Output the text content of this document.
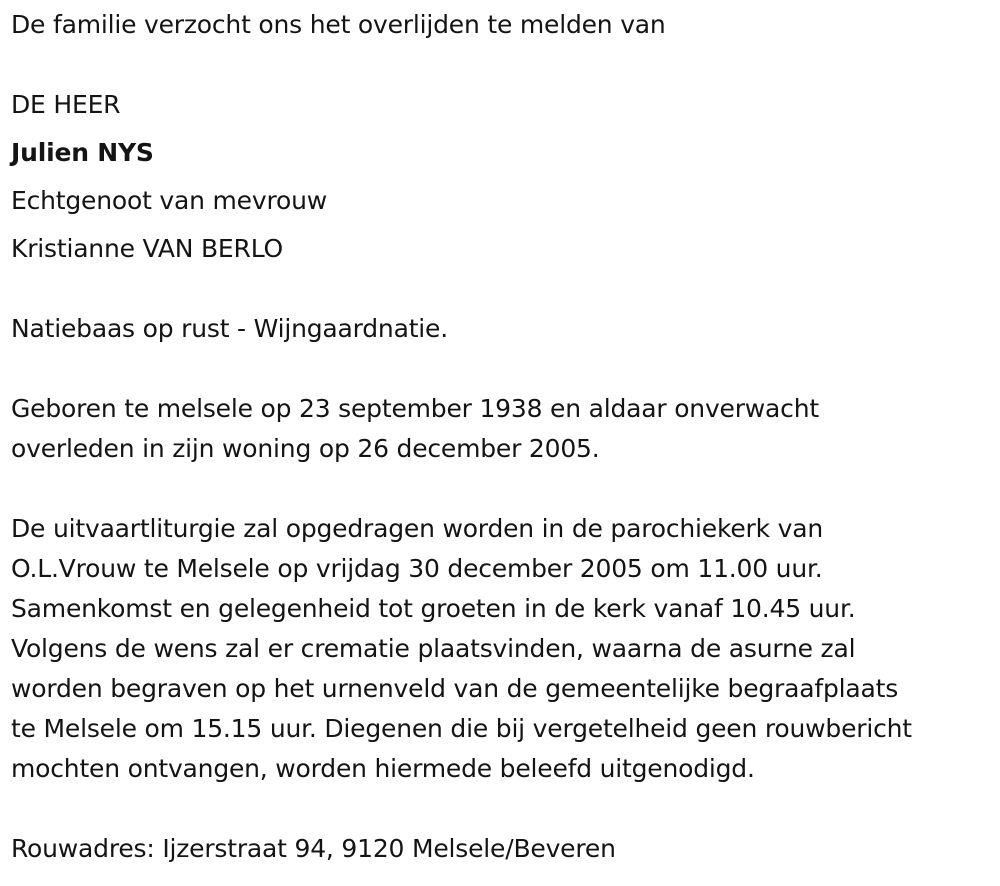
De familie verzocht ons het overlijden te melden van
DE HEER
Julien NYS
Echtgenoot van mevrouw
Kristianne VAN BERLO
Natiebaas op rust - Wijngaardnatie.
Geboren te melsele op 23 september 1938 en aldaar onverwacht
overleden in zijn woning op 26 december 2005.
De uitvaartliturgie zal opgedragen worden in de parochiekerk van
O.L.Vrouw te Melsele op vrijdag 30 december 2005 om 11.00 uur.
Samenkomst en gelegenheid tot groeten in de kerk vanaf 10.45 uur.
Volgens de wens zal er crematie plaatsvinden, waarna de asurne zal
worden begraven op het urnenveld van de gemeentelijke begraafplaats
te Melsele om 15.15 uur. Diegenen die bij vergetelheid geen rouwbericht
mochten ontvangen, worden hiermede beleefd uitgenodigd.
Rouwadres: Ijzerstraat 94, 9120 Melsele/Beveren
